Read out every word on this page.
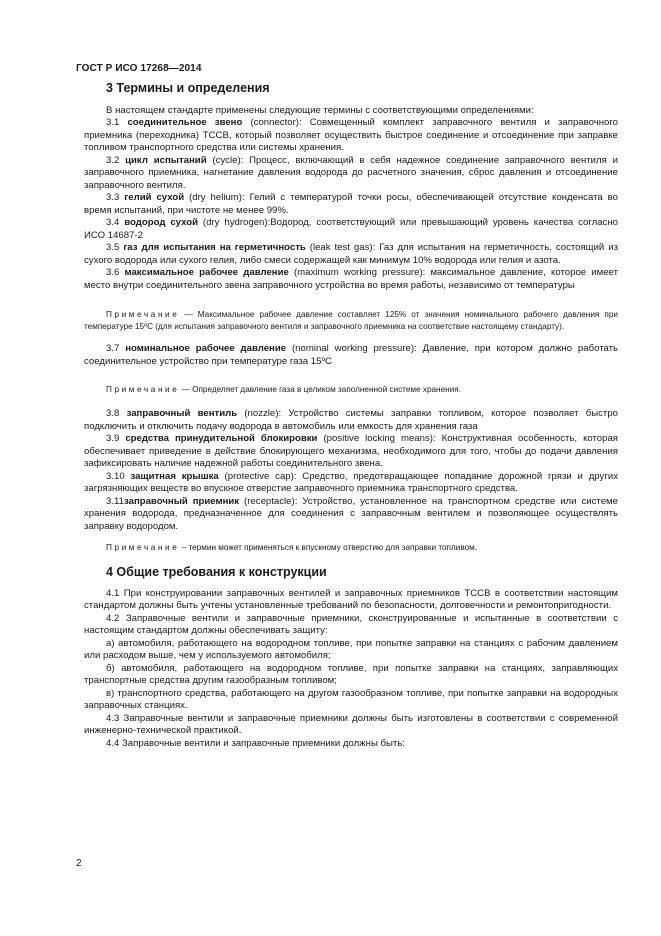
ГОСТ Р ИСО 17268—2014
3 Термины и определения

В настоящем стандарте применены следующие термины с соответствующими определениями:

3.1 соединительное звено (connector): Совмещенный комплект заправочного вентиля и заправочного приемника (переходника) ТССВ, который позволяет осуществить быстрое соединение и отсоединение при заправке топливом транспортного средства или системы хранения.

3.2 цикл испытаний (cycle): Процесс, включающий в себя надежное соединение заправочного вентиля и заправочного приемника, нагнетание давления водорода до расчетного значения, сброс давления и отсоединение заправочного вентиля.

3.3 гелий сухой (dry helium): Гелий с температурой точки росы, обеспечивающей отсутствие конденсата во время испытаний, при чистоте не менее 99%.

3.4 водород сухой (dry hydrogen):Водород, соответствующий или превышающий уровень качества согласно ИСО 14687-2

3.5 газ для испытания на герметичность (leak test gas): Газ для испытания на герметичность, состоящий из сухого водорода или сухого гелия, либо смеси содержащей как минимум 10% водорода или гелия и азота.

3.6 максимальное рабочее давление (maximum working pressure): максимальное давление, которое имеет место внутри соединительного звена заправочного устройства во время работы, независимо от температуры

Примечание — Максимальное рабочее давление составляет 125% от значения номинального рабочего давления при температуре 15ºС (для испытания заправочного вентиля и заправочного приемника на соответствие настоящему стандарту).

3.7 номинальное рабочее давление (nominal working pressure): Давление, при котором должно работать соединительное устройство при температуре газа 15ºС

Примечание — Определяет давление газа в целиком заполненной системе хранения.

3.8 заправочный вентиль (nozzle): Устройство системы заправки топливом, которое позволяет быстро подключить и отключить подачу водорода в автомобиль или емкость для хранения газа

3.9 средства принудительной блокировки (positive locking means): Конструктивная особенность, которая обеспечивает приведение в действие блокирующего механизма, необходимого для того, чтобы до подачи давления зафиксировать наличие надежной работы соединительного звена.

3.10 защитная крышка (protective cap): Средство, предотвращающее попадание дорожной грязи и других загрязняющих веществ во впускное отверстие заправочного приемника транспортного средства.

3.11заправочный приемник (receptacle): Устройство, установленное на транспортном средстве или системе хранения водорода, предназначенное для соединения с заправочным вентилем и позволяющее осуществлять заправку водородом.

Примечание – термин может применяться к впускному отверстию для заправки топливом.

4 Общие требования к конструкции

4.1 При конструировании заправочных вентилей и заправочных приемников ТССВ в соответствии настоящим стандартом должны быть учтены установленные требований по безопасности, долговечности и ремонтопригодности.

4.2 Заправочные вентили и заправочные приемники, сконструированные и испытанные в соответствии с настоящим стандартом должны обеспечивать защиту:

а) автомобиля, работающего на водородном топливе, при попытке заправки на станциях с рабочим давлением или расходом выше, чем у используемого автомобиля;

б) автомобиля, работающего на водородном топливе, при попытке заправки на станциях, заправляющих транспортные средства другим газообразным топливом;

в) транспортного средства, работающего на другом газообразном топливе, при попытке заправки на водородных заправочных станциях.

4.3 Заправочные вентили и заправочные приемники должны быть изготовлены в соответствии с современной инженерно-технической практикой.

4.4 Заправочные вентили и заправочные приемники должны быть:

2
